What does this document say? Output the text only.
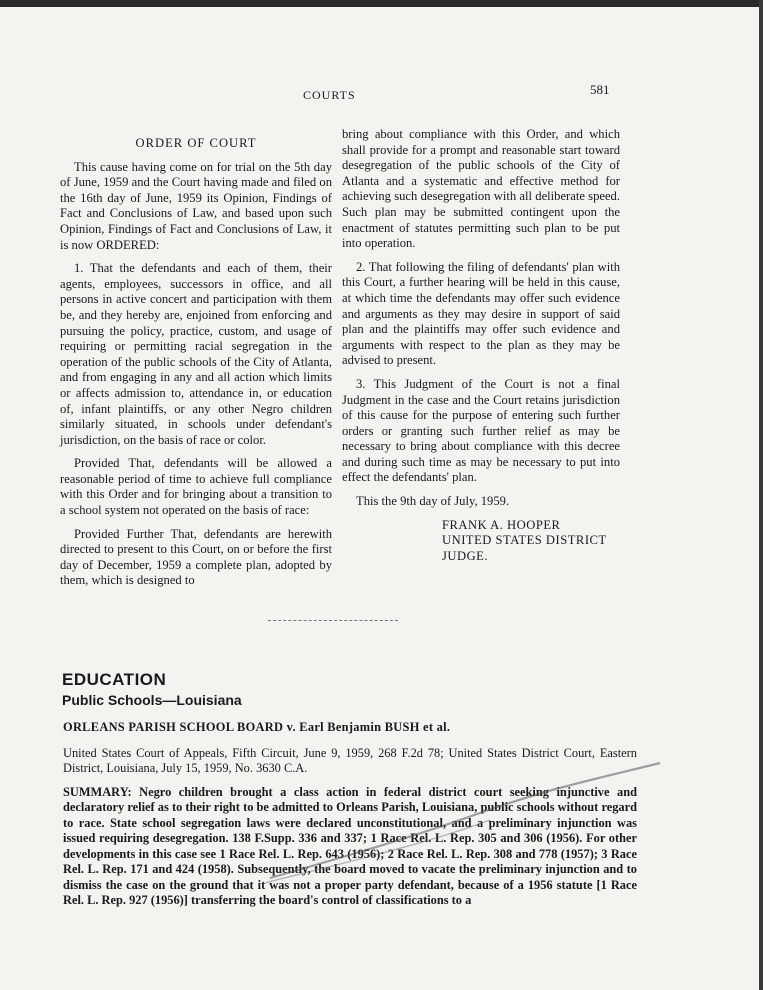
COURTS	581

ORDER OF COURT

This cause having come on for trial on the 5th day of June, 1959 and the Court having made and filed on the 16th day of June, 1959 its Opinion, Findings of Fact and Conclusions of Law, and based upon such Opinion, Findings of Fact and Conclusions of Law, it is now ORDERED:

1. That the defendants and each of them, their agents, employees, successors in office, and all persons in active concert and participation with them be, and they hereby are, enjoined from enforcing and pursuing the policy, practice, custom, and usage of requiring or permitting racial segregation in the operation of the public schools of the City of Atlanta, and from engaging in any and all action which limits or affects admission to, attendance in, or education of, infant plaintiffs, or any other Negro children similarly situated, in schools under defendant's jurisdiction, on the basis of race or color.

Provided That, defendants will be allowed a reasonable period of time to achieve full compliance with this Order and for bringing about a transition to a school system not operated on the basis of race:

Provided Further That, defendants are herewith directed to present to this Court, on or before the first day of December, 1959 a complete plan, adopted by them, which is designed to

bring about compliance with this Order, and which shall provide for a prompt and reasonable start toward desegregation of the public schools of the City of Atlanta and a systematic and effective method for achieving such desegregation with all deliberate speed. Such plan may be submitted contingent upon the enactment of statutes permitting such plan to be put into operation.

2. That following the filing of defendants' plan with this Court, a further hearing will be held in this cause, at which time the defendants may offer such evidence and arguments as they may desire in support of said plan and the plaintiffs may offer such evidence and arguments with respect to the plan as they may be advised to present.

3. This Judgment of the Court is not a final Judgment in the case and the Court retains jurisdiction of this cause for the purpose of entering such further orders or granting such further relief as may be necessary to bring about compliance with this decree and during such time as may be necessary to put into effect the defendants' plan.

This the 9th day of July, 1959.

FRANK A. HOOPER
UNITED STATES DISTRICT
JUDGE.
EDUCATION
Public Schools—Louisiana

ORLEANS PARISH SCHOOL BOARD v. Earl Benjamin BUSH et al.

United States Court of Appeals, Fifth Circuit, June 9, 1959, 268 F.2d 78; United States District Court, Eastern District, Louisiana, July 15, 1959, No. 3630 C.A.

SUMMARY: Negro children brought a class action in federal district court seeking injunctive and declaratory relief as to their right to be admitted to Orleans Parish, Louisiana, public schools without regard to race. State school segregation laws were declared unconstitutional, and a preliminary injunction was issued requiring desegregation. 138 F.Supp. 336 and 337; 1 Race Rel. L. Rep. 305 and 306 (1956). For other developments in this case see 1 Race Rel. L. Rep. 643 (1956); 2 Race Rel. L. Rep. 308 and 778 (1957); 3 Race Rel. L. Rep. 171 and 424 (1958). Subsequently, the board moved to vacate the preliminary injunction and to dismiss the case on the ground that it was not a proper party defendant, because of a 1956 statute [1 Race Rel. L. Rep. 927 (1956)] transferring the board's control of classifications to a
